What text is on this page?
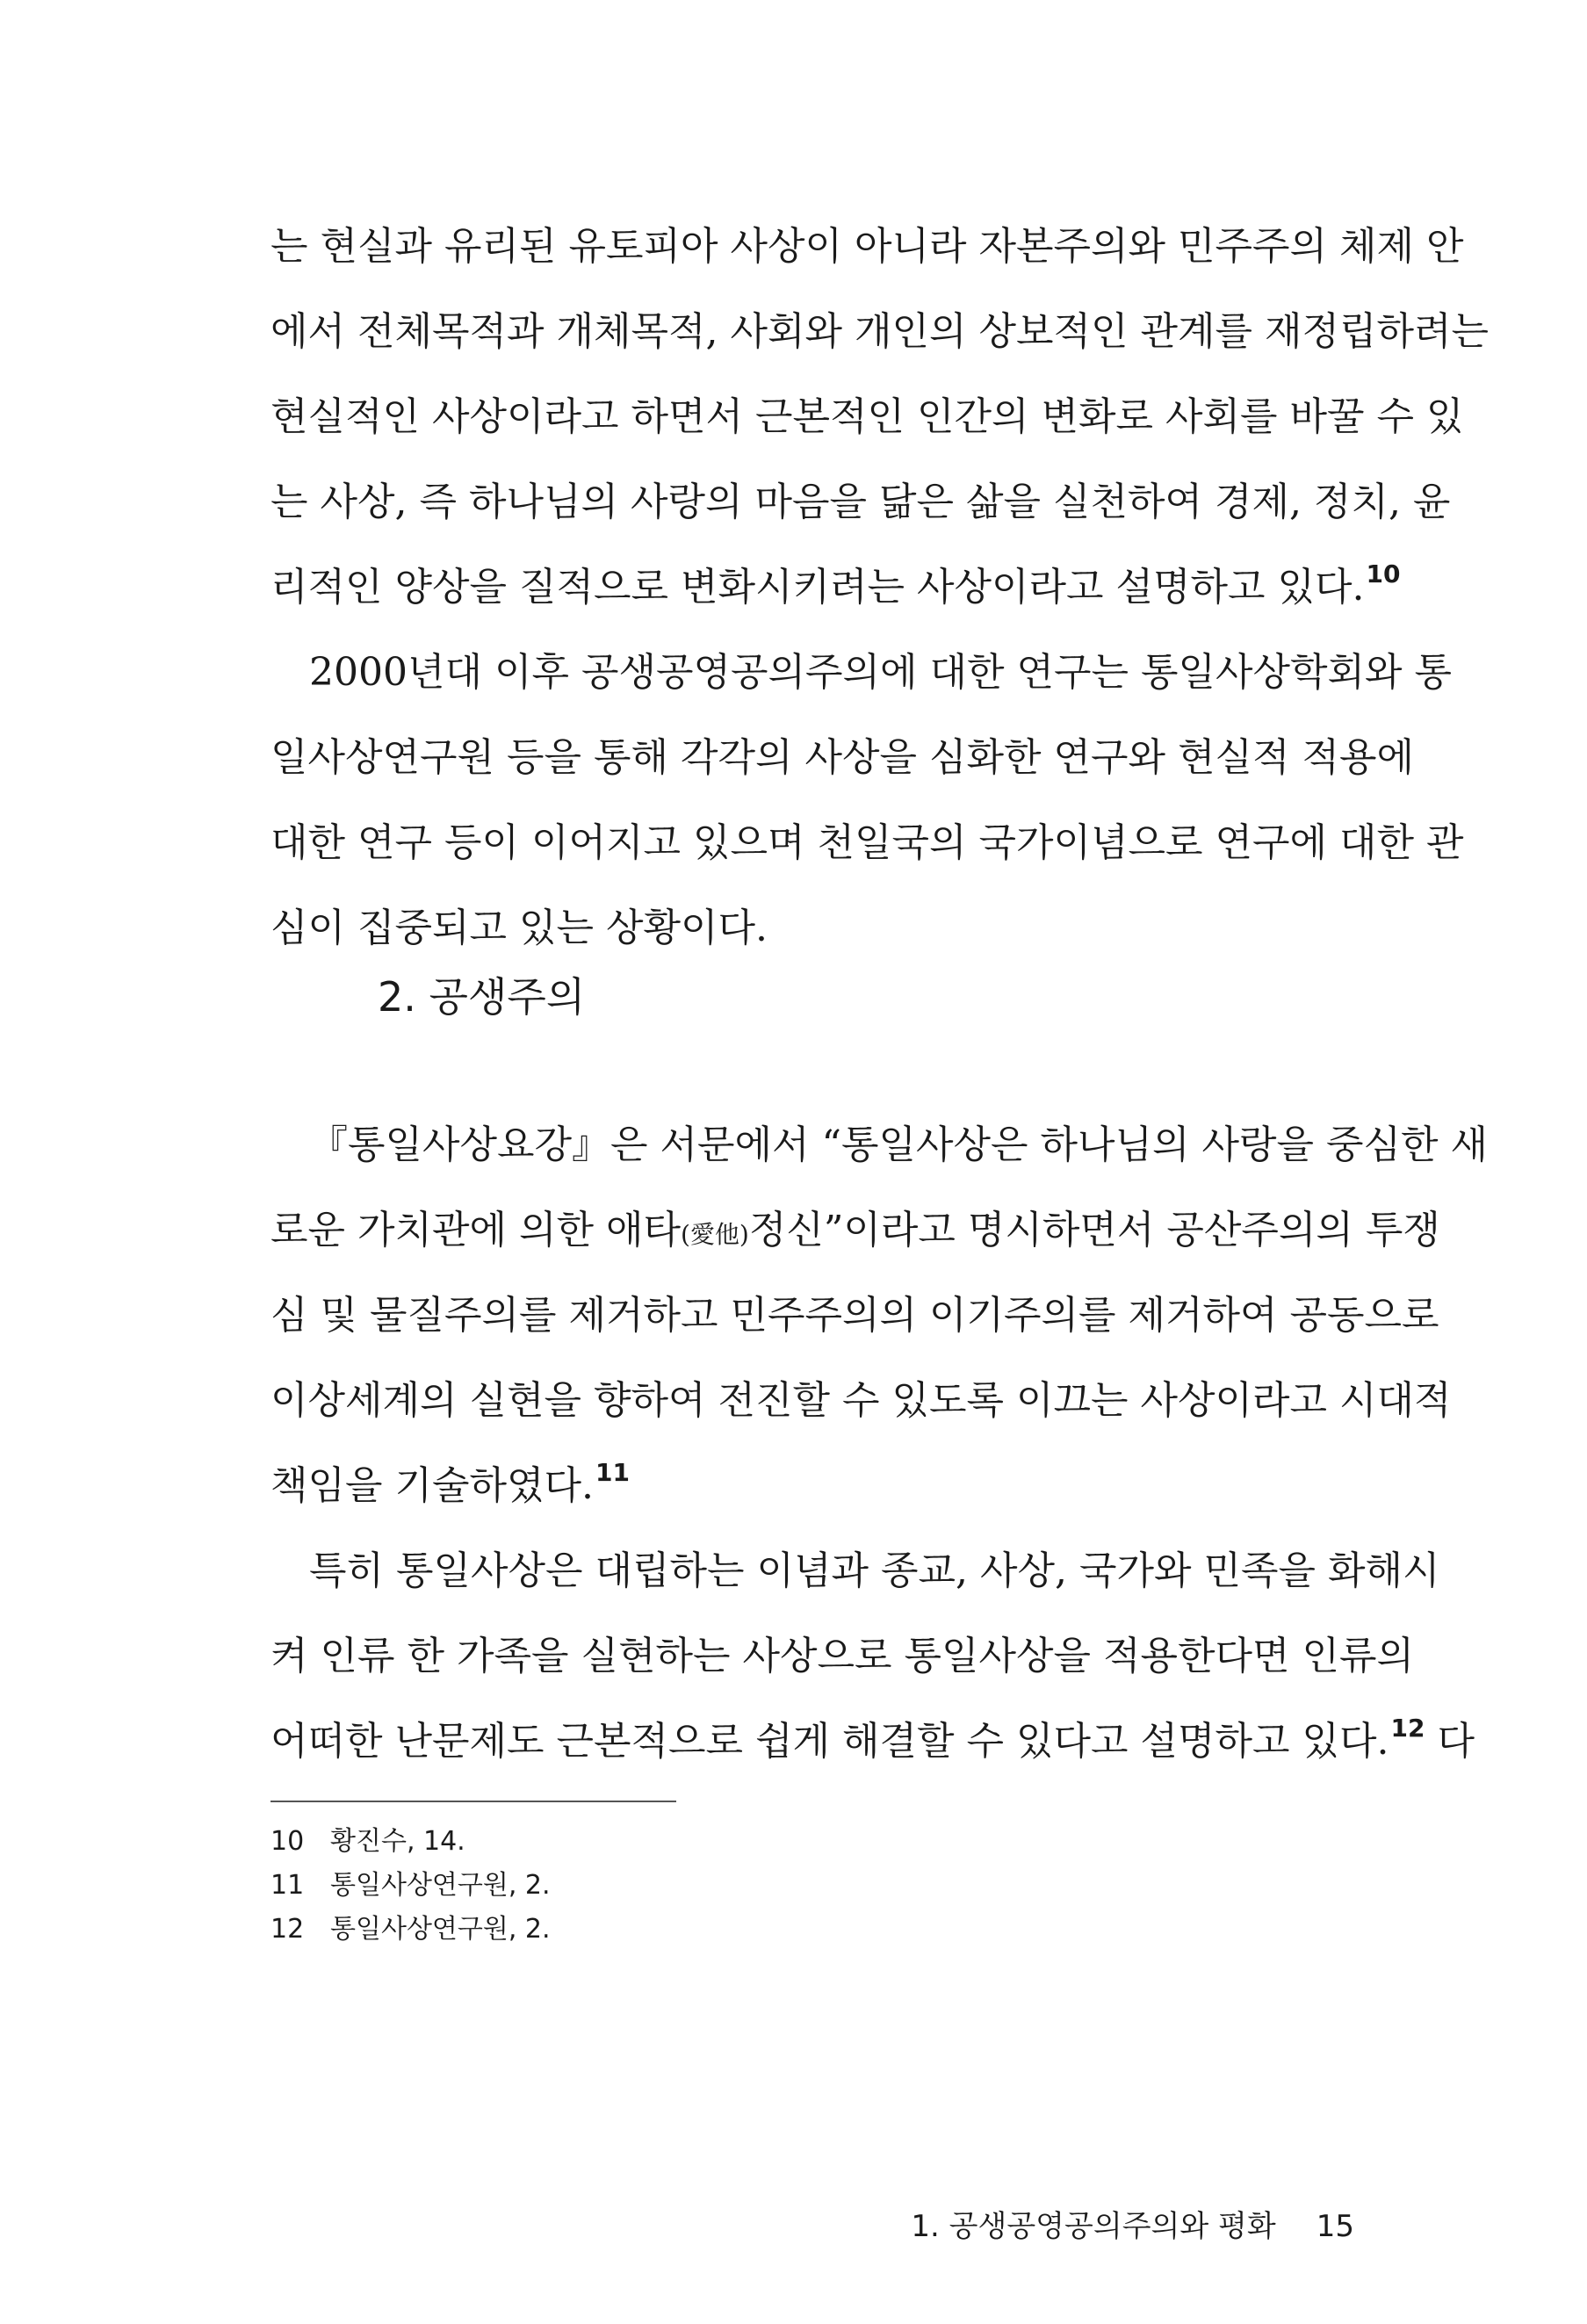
는 현실과 유리된 유토피아 사상이 아니라 자본주의와 민주주의 체제 안
에서 전체목적과 개체목적, 사회와 개인의 상보적인 관계를 재정립하려는
현실적인 사상이라고 하면서 근본적인 인간의 변화로 사회를 바꿀 수 있
는 사상, 즉 하나님의 사랑의 마음을 닮은 삶을 실천하여 경제, 정치, 윤
리적인 양상을 질적으로 변화시키려는 사상이라고 설명하고 있다.$^{10}$
2000년대 이후 공생공영공의주의에 대한 연구는 통일사상학회와 통
일사상연구원 등을 통해 각각의 사상을 심화한 연구와 현실적 적용에
대한 연구 등이 이어지고 있으며 천일국의 국가이념으로 연구에 대한 관
심이 집중되고 있는 상황이다.
2. 공생주의
『통일사상요강』은 서문에서 “통일사상은 하나님의 사랑을 중심한 새
로운 가치관에 의한 애타(愛他)정신”이라고 명시하면서 공산주의의 투쟁
심 및 물질주의를 제거하고 민주주의의 이기주의를 제거하여 공동으로
이상세계의 실현을 향하여 전진할 수 있도록 이끄는 사상이라고 시대적
책임을 기술하였다.$^{11}$
특히 통일사상은 대립하는 이념과 종교, 사상, 국가와 민족을 화해시
켜 인류 한 가족을 실현하는 사상으로 통일사상을 적용한다면 인류의
어떠한 난문제도 근본적으로 쉽게 해결할 수 있다고 설명하고 있다.$^{12}$ 다
10 황진수, 14.
11 통일사상연구원, 2.
12 통일사상연구원, 2.
1. 공생공영공의주의와 평화 15
